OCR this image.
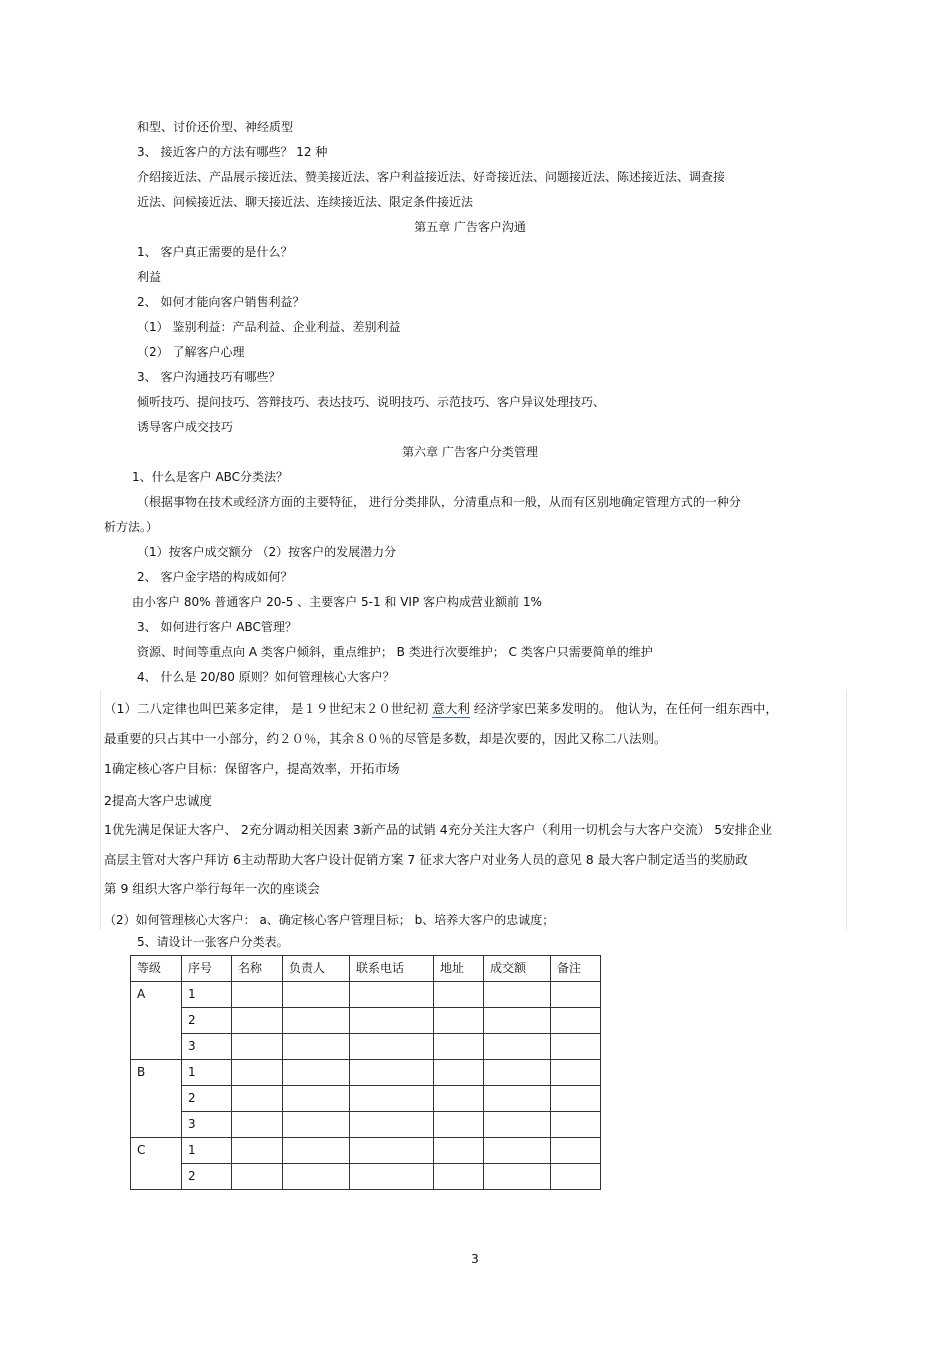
和型、讨价还价型、神经质型
3、 接近客户的方法有哪些？ 12 种
介绍接近法、产品展示接近法、赞美接近法、客户利益接近法、好奇接近法、问题接近法、陈述接近法、调查接
近法、问候接近法、聊天接近法、连续接近法、限定条件接近法
第五章 广告客户沟通
1、 客户真正需要的是什么？
利益
2、 如何才能向客户销售利益？
（1） 鉴别利益：产品利益、企业利益、差别利益
（2） 了解客户心理
3、 客户沟通技巧有哪些？
倾听技巧、提问技巧、答辩技巧、表达技巧、说明技巧、示范技巧、客户异议处理技巧、
诱导客户成交技巧
第六章 广告客户分类管理
1、什么是客户 ABC分类法？
（根据事物在技术或经济方面的主要特征， 进行分类排队，分清重点和一般，从而有区别地确定管理方式的一种分
析方法。）
（1）按客户成交额分 （2）按客户的发展潜力分
2、 客户金字塔的构成如何？
由小客户 80% 普通客户 20-5 、主要客户 5-1 和 VIP 客户构成营业额前 1%
3、 如何进行客户 ABC管理？
资源、时间等重点向 A 类客户倾斜，重点维护； B 类进行次要维护； C 类客户只需要简单的维护
4、 什么是 20/80 原则？如何管理核心大客户？
（1）二八定律也叫巴莱多定律， 是１９世纪末２０世纪初 意大利 经济学家巴莱多发明的。 他认为，在任何一组东西中，
最重要的只占其中一小部分，约２０％，其余８０％的尽管是多数，却是次要的，因此又称二八法则。
1确定核心客户目标：保留客户，提高效率，开拓市场
2提高大客户忠诚度
1优先满足保证大客户、 2充分调动相关因素 3新产品的试销 4充分关注大客户（利用一切机会与大客户交流） 5安排企业
高层主管对大客户拜访 6主动帮助大客户设计促销方案 7 征求大客户对业务人员的意见 8 最大客户制定适当的奖励政
第 9 组织大客户举行每年一次的座谈会
（2）如何管理核心大客户： a、确定核心客户管理目标； b、培养大客户的忠诚度；
5、请设计一张客户分类表。
等级	序号	名称	负责人	联系电话	地址	成交额	备注
A	1						
	2						
	3						
B	1						
	2						
	3						
C	1						
	2						
3
